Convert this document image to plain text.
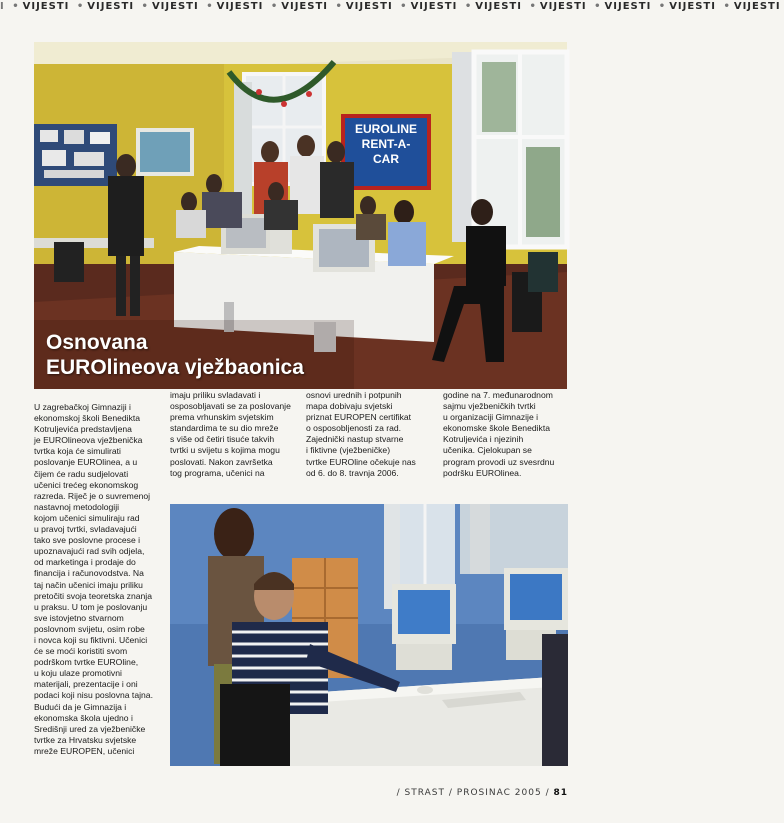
I • VIJESTI • VIJESTI • VIJESTI • VIJESTI • VIJESTI • VIJESTI • VIJESTI • VIJESTI • VIJESTI • VIJESTI • VIJESTI • VIJESTI
EUROLINE
RENT-A-
CAR
Osnovana
EUROlineova vježbaonica

U zagrebačkoj Gimnaziji i

ekonomskoj školi Benedikta

Kotruljevića predstavljena

je EUROlineova vježbenička

tvrtka koja će simulirati

poslovanje EUROlinea, a u

čijem će radu sudjelovati

učenici trećeg ekonomskog

razreda. Riječ je o suvremenoj

nastavnoj metodologiji

kojom učenici simuliraju rad

u pravoj tvrtki, svladavajući

tako sve poslovne procese i

upoznavajući rad svih odjela,

od marketinga i prodaje do

financija i računovodstva. Na

taj način učenici imaju priliku

pretočiti svoja teoretska znanja

u praksu. U tom je poslovanju

sve istovjetno stvarnom

poslovnom svijetu, osim robe

i novca koji su fiktivni. Učenici

će se moći koristiti svom

podrškom tvrtke EUROline,

u koju ulaze promotivni

materijali, prezentacije i oni

podaci koji nisu poslovna tajna.

Budući da je Gimnazija i

ekonomska škola ujedno i

Središnji ured za vježbeničke

tvrtke za Hrvatsku svjetske

mreže EUROPEN, učenici

imaju priliku svladavati i

osposobljavati se za poslovanje

prema vrhunskim svjetskim

standardima te su dio mreže

s više od četiri tisuće takvih

tvrtki u svijetu s kojima mogu

poslovati. Nakon završetka

tog programa, učenici na

osnovi urednih i potpunih

mapa dobivaju svjetski

priznat EUROPEN certifikat

o osposobljenosti za rad.

Zajednički nastup stvarne

i fiktivne (vježbeničke)

tvrtke EUROline očekuje nas

od 6. do 8. travnja 2006.

godine na 7. međunarodnom

sajmu vježbeničkih tvrtki

u organizaciji Gimnazije i

ekonomske škole Benedikta

Kotruljevića i njezinih

učenika. Cjelokupan se

program provodi uz svesrdnu

podršku EUROlinea.

/ STRAST / PROSINAC 2005 / 81
